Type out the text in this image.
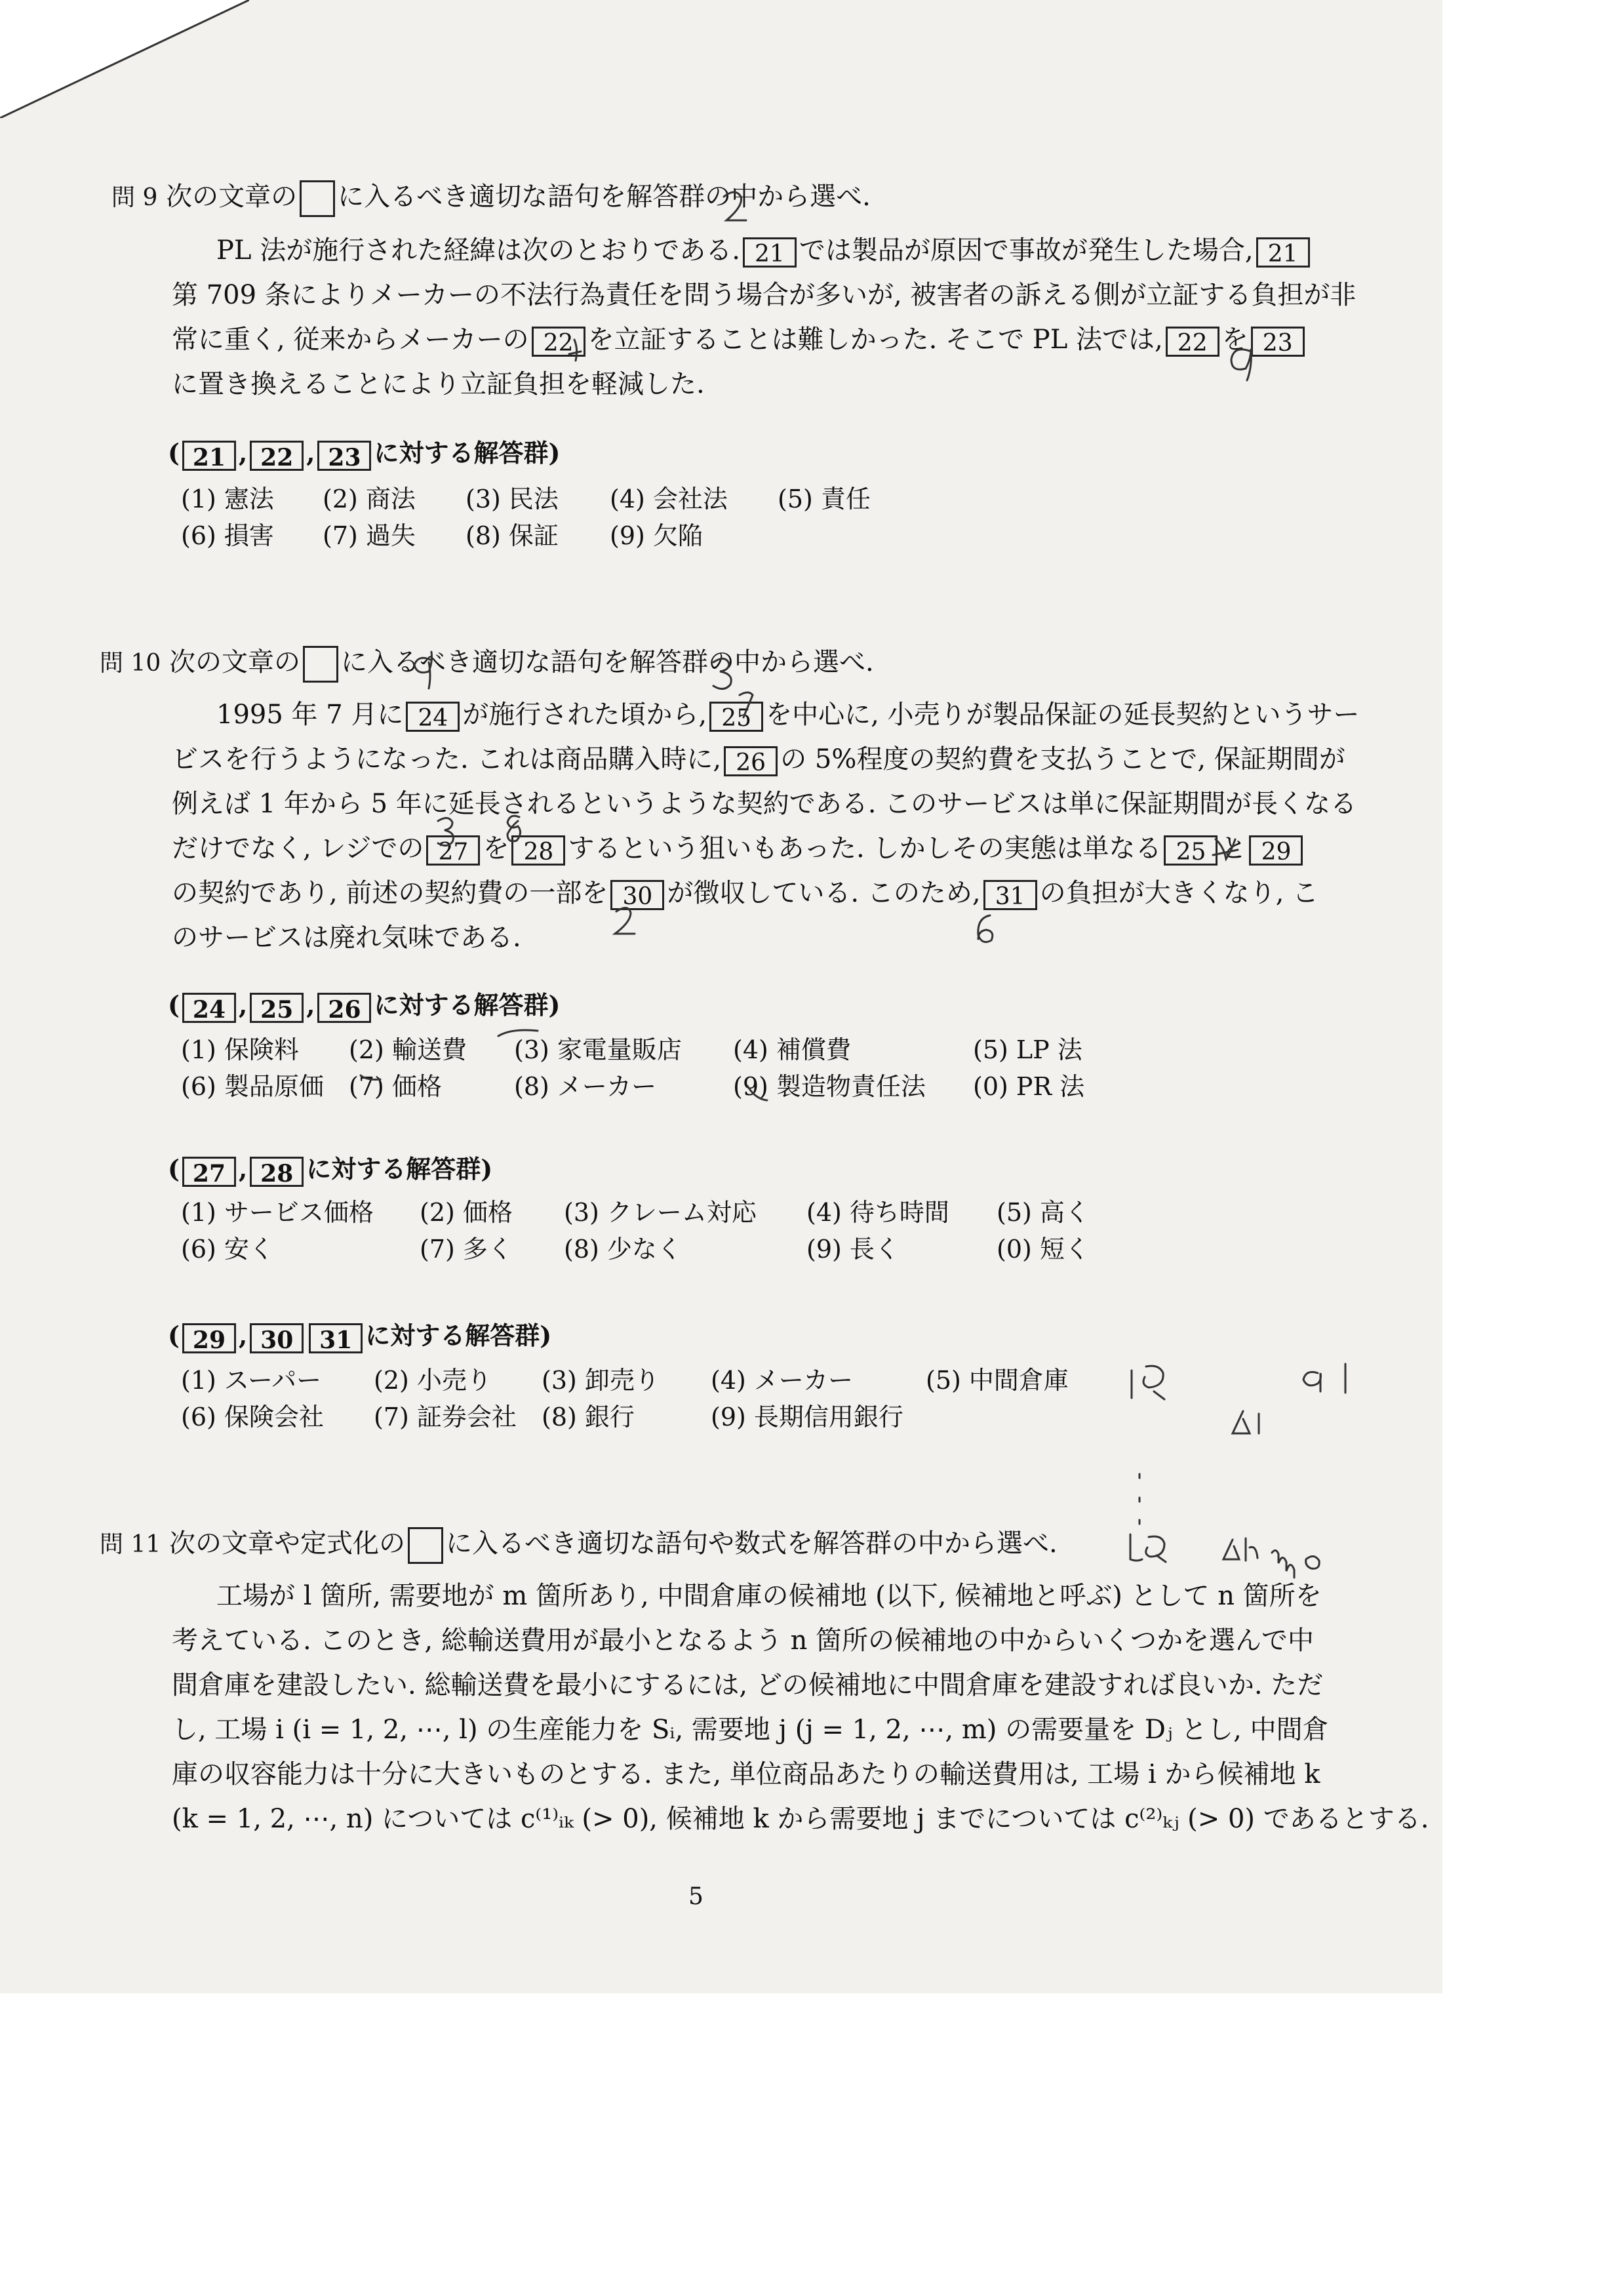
問 9 次の文章の に入るべき適切な語句を解答群の中から選べ.
PL 法が施行された経緯は次のとおりである. 21 では製品が原因で事故が発生した場合, 21
第 709 条によりメーカーの不法行為責任を問う場合が多いが, 被害者の訴える側が立証する負担が非
常に重く, 従来からメーカーの 22 を立証することは難しかった. そこで PL 法では, 22 を 23
に置き換えることにより立証負担を軽減した.
( 21 , 22 , 23 に対する解答群)
(1) 憲法 (2) 商法 (3) 民法 (4) 会社法 (5) 責任
(6) 損害 (7) 過失 (8) 保証 (9) 欠陥
問 10 次の文章の に入るべき適切な語句を解答群の中から選べ.
1995 年 7 月に 24 が施行された頃から, 25 を中心に, 小売りが製品保証の延長契約というサー
ビスを行うようになった. これは商品購入時に, 26 の 5%程度の契約費を支払うことで, 保証期間が
例えば 1 年から 5 年に延長されるというような契約である. このサービスは単に保証期間が長くなる
だけでなく, レジでの 27 を 28 するという狙いもあった. しかしその実態は単なる 25 と 29
の契約であり, 前述の契約費の一部を 30 が徴収している. このため, 31 の負担が大きくなり, こ
のサービスは廃れ気味である.
( 24 , 25 , 26 に対する解答群)
(1) 保険料 (2) 輸送費 (3) 家電量販店 (4) 補償費	(5) LP 法
(6) 製品原価 (7) 価格	(8) メーカー	(9) 製造物責任法 (0) PR 法
( 27 , 28 に対する解答群)
(1) サービス価格 (2) 価格 (3) クレーム対応 (4) 待ち時間 (5) 高く
(6) 安く	(7) 多く (8) 少なく	(9) 長く	(0) 短く
( 29 , 30 31 に対する解答群)
(1) スーパー (2) 小売り (3) 卸売り (4) メーカー	(5) 中間倉庫
(6) 保険会社 (7) 証券会社 (8) 銀行	(9) 長期信用銀行
問 11 次の文章や定式化の に入るべき適切な語句や数式を解答群の中から選べ.
工場が l 箇所, 需要地が m 箇所あり, 中間倉庫の候補地 (以下, 候補地と呼ぶ) として n 箇所を
考えている. このとき, 総輸送費用が最小となるよう n 箇所の候補地の中からいくつかを選んで中
間倉庫を建設したい. 総輸送費を最小にするには, どの候補地に中間倉庫を建設すれば良いか. ただ
し, 工場 i (i = 1, 2, ⋯, l) の生産能力を Sᵢ, 需要地 j (j = 1, 2, ⋯, m) の需要量を Dⱼ とし, 中間倉
庫の収容能力は十分に大きいものとする. また, 単位商品あたりの輸送費用は, 工場 i から候補地 k
(k = 1, 2, ⋯, n) については c⁽¹⁾ᵢₖ (> 0), 候補地 k から需要地 j までについては c⁽²⁾ₖⱼ (> 0) であるとする.
5
